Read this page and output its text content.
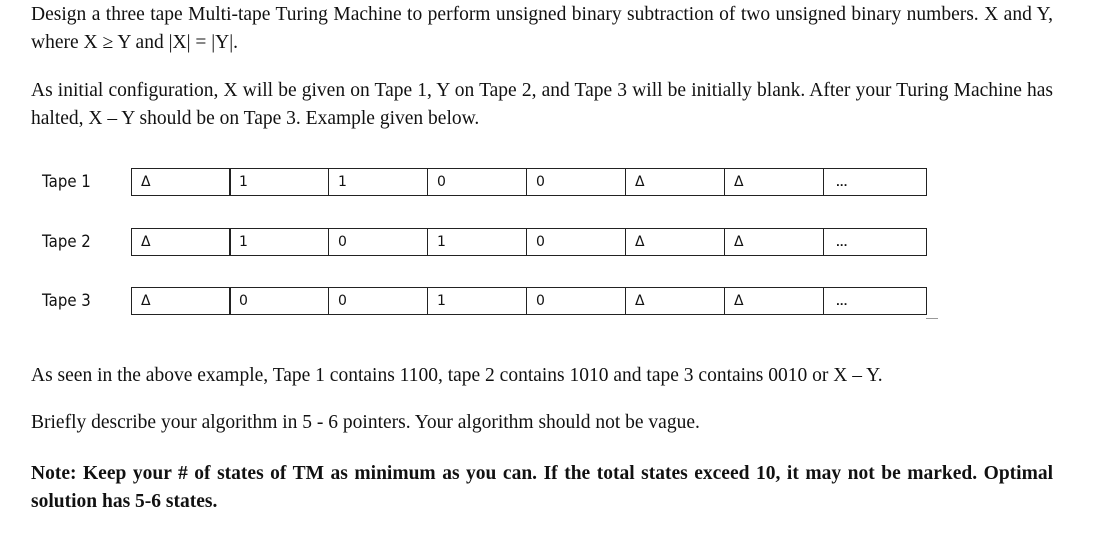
Design a three tape Multi-tape Turing Machine to perform unsigned binary subtraction of two unsigned binary numbers. X and Y, where X ≥ Y and |X| = |Y|.

As initial configuration, X will be given on Tape 1, Y on Tape 2, and Tape 3 will be initially blank. After your Turing Machine has halted, X – Y should be on Tape 3. Example given below.

Tape 1	Δ	1	1	0	0	Δ	Δ	...
Tape 2	Δ	1	0	1	0	Δ	Δ	...
Tape 3	Δ	0	0	1	0	Δ	Δ	...

As seen in the above example, Tape 1 contains 1100, tape 2 contains 1010 and tape 3 contains 0010 or X – Y.

Briefly describe your algorithm in 5 - 6 pointers. Your algorithm should not be vague.

Note: Keep your # of states of TM as minimum as you can. If the total states exceed 10, it may not be marked. Optimal solution has 5-6 states.
